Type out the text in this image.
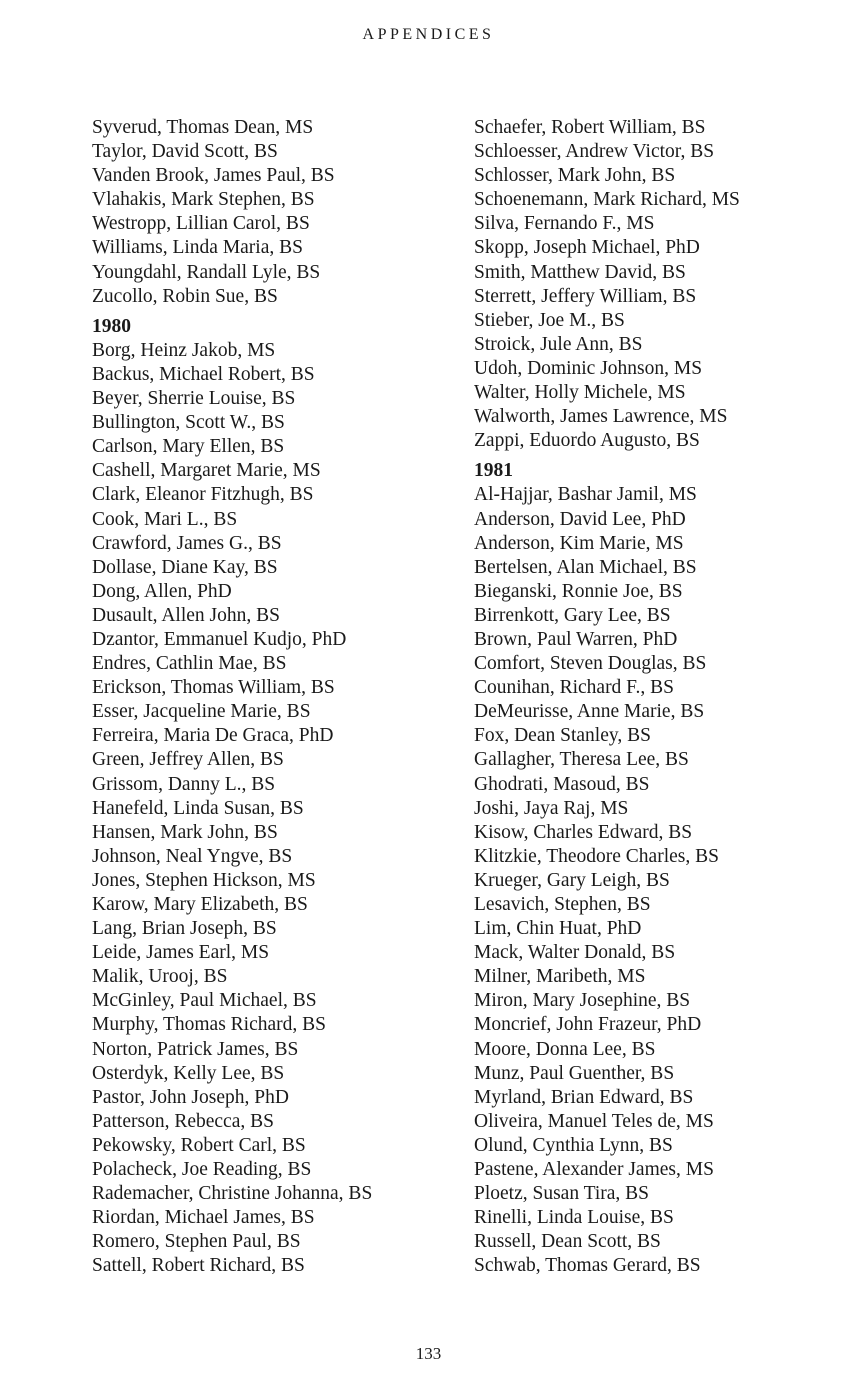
APPENDICES
Syverud, Thomas Dean, MS
Taylor, David Scott, BS
Vanden Brook, James Paul, BS
Vlahakis, Mark Stephen, BS
Westropp, Lillian Carol, BS
Williams, Linda Maria, BS
Youngdahl, Randall Lyle, BS
Zucollo, Robin Sue, BS
1980
Borg, Heinz Jakob, MS
Backus, Michael Robert, BS
Beyer, Sherrie Louise, BS
Bullington, Scott W., BS
Carlson, Mary Ellen, BS
Cashell, Margaret Marie, MS
Clark, Eleanor Fitzhugh, BS
Cook, Mari L., BS
Crawford, James G., BS
Dollase, Diane Kay, BS
Dong, Allen, PhD
Dusault, Allen John, BS
Dzantor, Emmanuel Kudjo, PhD
Endres, Cathlin Mae, BS
Erickson, Thomas William, BS
Esser, Jacqueline Marie, BS
Ferreira, Maria De Graca, PhD
Green, Jeffrey Allen, BS
Grissom, Danny L., BS
Hanefeld, Linda Susan, BS
Hansen, Mark John, BS
Johnson, Neal Yngve, BS
Jones, Stephen Hickson, MS
Karow, Mary Elizabeth, BS
Lang, Brian Joseph, BS
Leide, James Earl, MS
Malik, Urooj, BS
McGinley, Paul Michael, BS
Murphy, Thomas Richard, BS
Norton, Patrick James, BS
Osterdyk, Kelly Lee, BS
Pastor, John Joseph, PhD
Patterson, Rebecca, BS
Pekowsky, Robert Carl, BS
Polacheck, Joe Reading, BS
Rademacher, Christine Johanna, BS
Riordan, Michael James, BS
Romero, Stephen Paul, BS
Sattell, Robert Richard, BS
Schaefer, Robert William, BS
Schloesser, Andrew Victor, BS
Schlosser, Mark John, BS
Schoenemann, Mark Richard, MS
Silva, Fernando F., MS
Skopp, Joseph Michael, PhD
Smith, Matthew David, BS
Sterrett, Jeffery William, BS
Stieber, Joe M., BS
Stroick, Jule Ann, BS
Udoh, Dominic Johnson, MS
Walter, Holly Michele, MS
Walworth, James Lawrence, MS
Zappi, Eduordo Augusto, BS
1981
Al-Hajjar, Bashar Jamil, MS
Anderson, David Lee, PhD
Anderson, Kim Marie, MS
Bertelsen, Alan Michael, BS
Bieganski, Ronnie Joe, BS
Birrenkott, Gary Lee, BS
Brown, Paul Warren, PhD
Comfort, Steven Douglas, BS
Counihan, Richard F., BS
DeMeurisse, Anne Marie, BS
Fox, Dean Stanley, BS
Gallagher, Theresa Lee, BS
Ghodrati, Masoud, BS
Joshi, Jaya Raj, MS
Kisow, Charles Edward, BS
Klitzkie, Theodore Charles, BS
Krueger, Gary Leigh, BS
Lesavich, Stephen, BS
Lim, Chin Huat, PhD
Mack, Walter Donald, BS
Milner, Maribeth, MS
Miron, Mary Josephine, BS
Moncrief, John Frazeur, PhD
Moore, Donna Lee, BS
Munz, Paul Guenther, BS
Myrland, Brian Edward, BS
Oliveira, Manuel Teles de, MS
Olund, Cynthia Lynn, BS
Pastene, Alexander James, MS
Ploetz, Susan Tira, BS
Rinelli, Linda Louise, BS
Russell, Dean Scott, BS
Schwab, Thomas Gerard, BS
133
